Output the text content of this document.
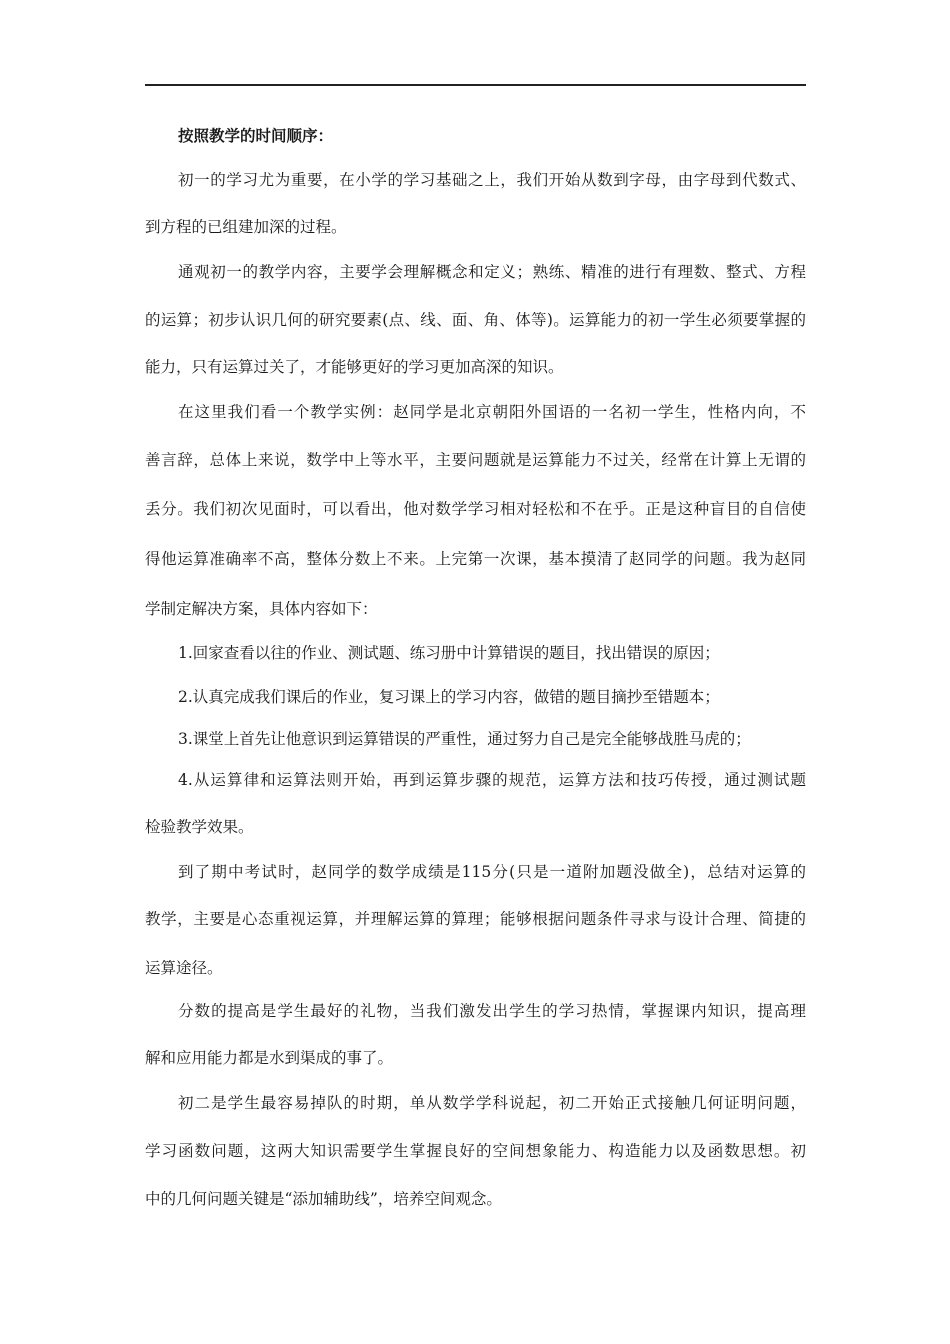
按照教学的时间顺序：
初一的学习尤为重要，在小学的学习基础之上，我们开始从数到字母，由字母到代数式、
到方程的已组建加深的过程。
通观初一的教学内容，主要学会理解概念和定义；熟练、精准的进行有理数、整式、方程
的运算；初步认识几何的研究要素(点、线、面、角、体等)。运算能力的初一学生必须要掌握的
能力，只有运算过关了，才能够更好的学习更加高深的知识。
在这里我们看一个教学实例：赵同学是北京朝阳外国语的一名初一学生，性格内向，不
善言辞，总体上来说，数学中上等水平，主要问题就是运算能力不过关，经常在计算上无谓的
丢分。我们初次见面时，可以看出，他对数学学习相对轻松和不在乎。正是这种盲目的自信使
得他运算准确率不高，整体分数上不来。上完第一次课，基本摸清了赵同学的问题。我为赵同
学制定解决方案，具体内容如下：
1.回家查看以往的作业、测试题、练习册中计算错误的题目，找出错误的原因；
2.认真完成我们课后的作业，复习课上的学习内容，做错的题目摘抄至错题本；
3.课堂上首先让他意识到运算错误的严重性，通过努力自己是完全能够战胜马虎的；
4.从运算律和运算法则开始，再到运算步骤的规范，运算方法和技巧传授，通过测试题
检验教学效果。
到了期中考试时，赵同学的数学成绩是115分(只是一道附加题没做全)，总结对运算的
教学，主要是心态重视运算，并理解运算的算理；能够根据问题条件寻求与设计合理、简捷的
运算途径。
分数的提高是学生最好的礼物，当我们激发出学生的学习热情，掌握课内知识，提高理
解和应用能力都是水到渠成的事了。
初二是学生最容易掉队的时期，单从数学学科说起，初二开始正式接触几何证明问题，
学习函数问题，这两大知识需要学生掌握良好的空间想象能力、构造能力以及函数思想。初
中的几何问题关键是“添加辅助线”，培养空间观念。
